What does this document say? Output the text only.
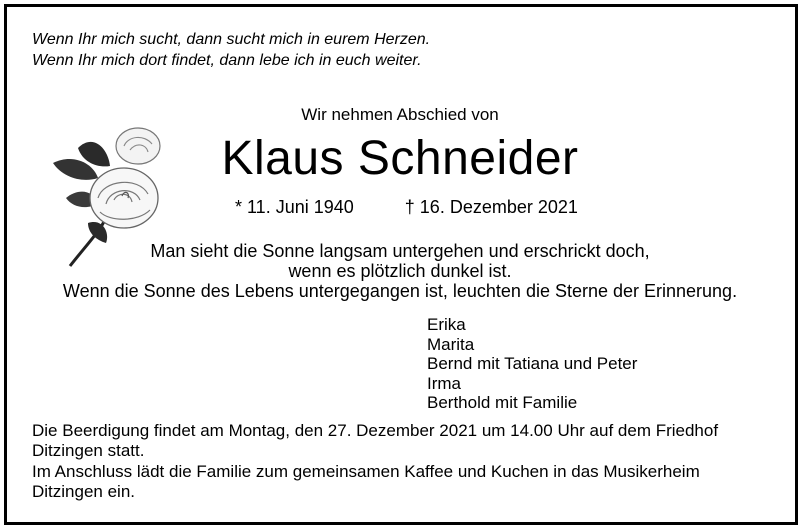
Wenn Ihr mich sucht, dann sucht mich in eurem Herzen.
Wenn Ihr mich dort findet, dann lebe ich in euch weiter.
Wir nehmen Abschied von
Klaus Schneider
* 11. Juni 1940	† 16. Dezember 2021
Man sieht die Sonne langsam untergehen und erschrickt doch,
wenn es plötzlich dunkel ist.
Wenn die Sonne des Lebens untergegangen ist, leuchten die Sterne der Erinnerung.
Erika
Marita
Bernd mit Tatiana und Peter
Irma
Berthold mit Familie

Die Beerdigung findet am Montag, den 27. Dezember 2021 um 14.00 Uhr auf dem Friedhof Ditzingen statt.

Im Anschluss lädt die Familie zum gemeinsamen Kaffee und Kuchen in das Musikerheim Ditzingen ein.
